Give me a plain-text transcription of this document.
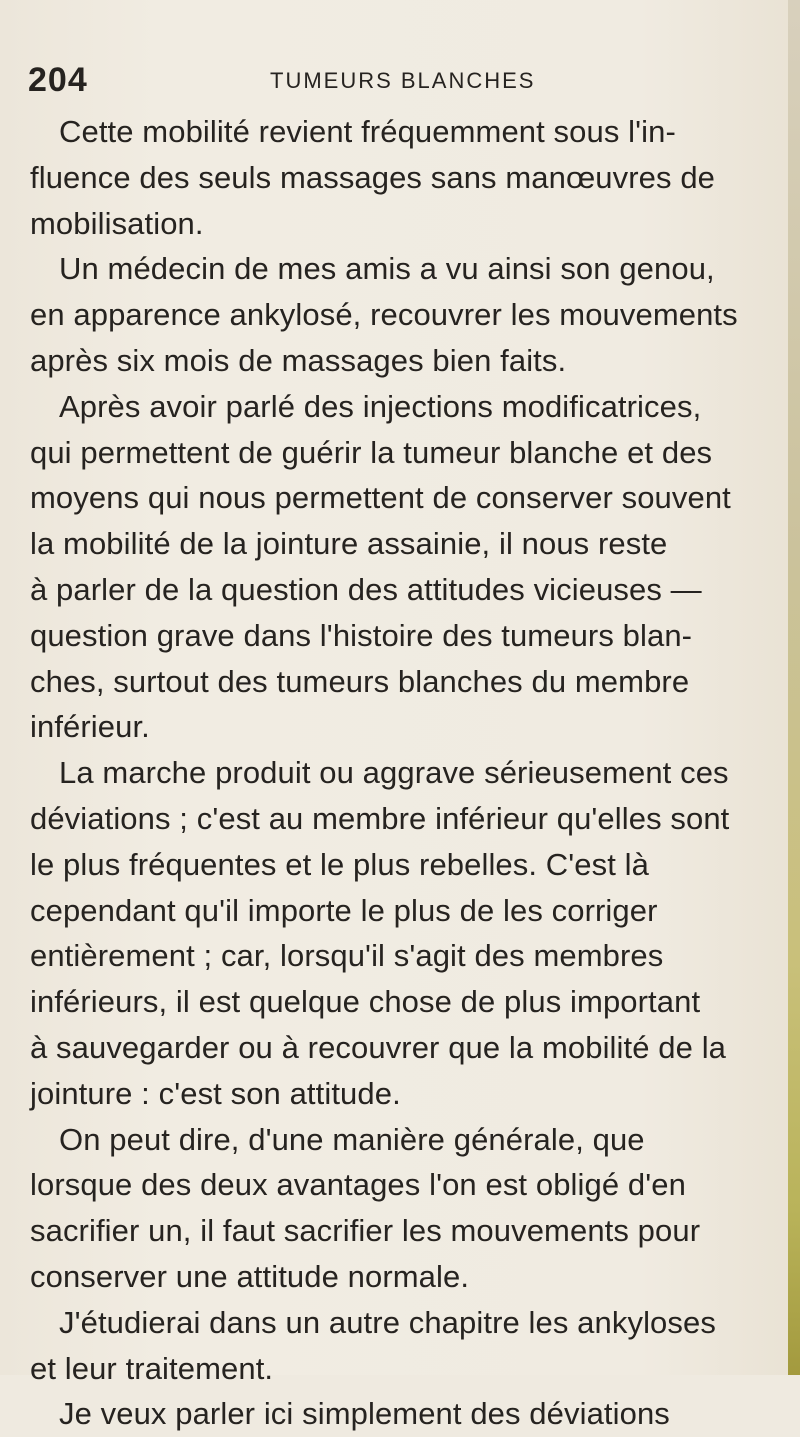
204	TUMEURS BLANCHES
Cette mobilité revient fréquemment sous l'in-
fluence des seuls massages sans manœuvres de
mobilisation.
Un médecin de mes amis a vu ainsi son genou,
en apparence ankylosé, recouvrer les mouvements
après six mois de massages bien faits.
Après avoir parlé des injections modificatrices,
qui permettent de guérir la tumeur blanche et des
moyens qui nous permettent de conserver souvent
la mobilité de la jointure assainie, il nous reste
à parler de la question des attitudes vicieuses —
question grave dans l'histoire des tumeurs blan-
ches, surtout des tumeurs blanches du membre
inférieur.
La marche produit ou aggrave sérieusement ces
déviations ; c'est au membre inférieur qu'elles sont
le plus fréquentes et le plus rebelles. C'est là
cependant qu'il importe le plus de les corriger
entièrement ; car, lorsqu'il s'agit des membres
inférieurs, il est quelque chose de plus important
à sauvegarder ou à recouvrer que la mobilité de la
jointure : c'est son attitude.
On peut dire, d'une manière générale, que
lorsque des deux avantages l'on est obligé d'en
sacrifier un, il faut sacrifier les mouvements pour
conserver une attitude normale.
J'étudierai dans un autre chapitre les ankyloses
et leur traitement.
Je veux parler ici simplement des déviations
